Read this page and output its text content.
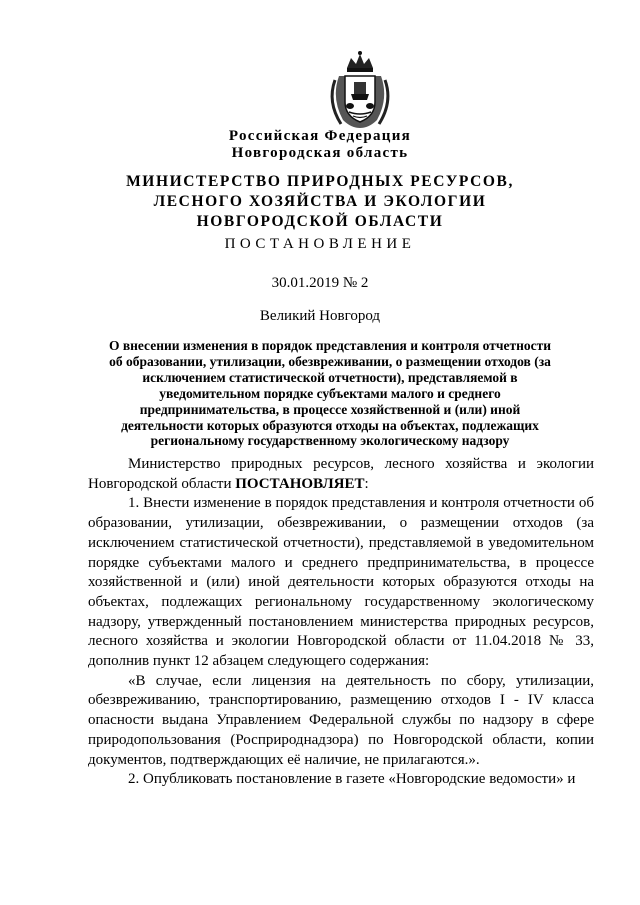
Российская Федерация
Новгородская область
МИНИСТЕРСТВО ПРИРОДНЫХ РЕСУРСОВ,
ЛЕСНОГО ХОЗЯЙСТВА И ЭКОЛОГИИ
НОВГОРОДСКОЙ ОБЛАСТИ
ПОСТАНОВЛЕНИЕ
30.01.2019 № 2
Великий Новгород
О внесении изменения в порядок представления и контроля отчетности
об образовании, утилизации, обезвреживании, о размещении отходов (за
исключением статистической отчетности), представляемой в
уведомительном порядке субъектами малого и среднего
предпринимательства, в процессе хозяйственной и (или) иной
деятельности которых образуются отходы на объектах, подлежащих
региональному государственному экологическому надзору

Министерство природных ресурсов, лесного хозяйства и экологии Новгородской области ПОСТАНОВЛЯЕТ:

1. Внести изменение в порядок представления и контроля отчетности об образовании, утилизации, обезвреживании, о размещении отходов (за исключением статистической отчетности), представляемой в уведомительном порядке субъектами малого и среднего предпринимательства, в процессе хозяйственной и (или) иной деятельности которых образуются отходы на объектах, подлежащих региональному государственному экологическому надзору, утвержденный постановлением министерства природных ресурсов, лесного хозяйства и экологии Новгородской области от 11.04.2018 № 33, дополнив пункт 12 абзацем следующего содержания:

«В случае, если лицензия на деятельность по сбору, утилизации, обезвреживанию, транспортированию, размещению отходов I - IV класса опасности выдана Управлением Федеральной службы по надзору в сфере природопользования (Росприроднадзора) по Новгородской области, копии документов, подтверждающих её наличие, не прилагаются.».

2. Опубликовать постановление в газете «Новгородские ведомости» и
